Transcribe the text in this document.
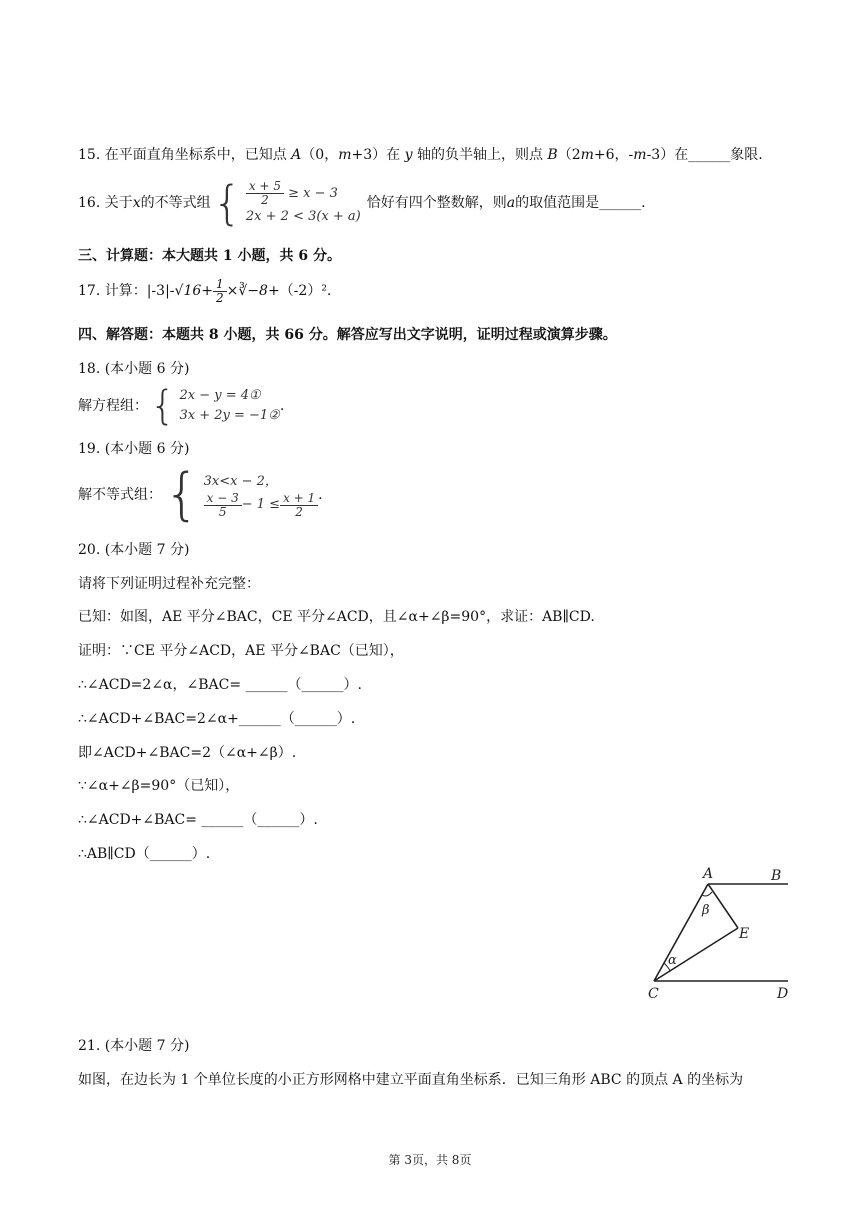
15. 在平面直角坐标系中，已知点 A（0，m+3）在 y 轴的负半轴上，则点 B（2m+6，-m-3）在______象限.
16. 关于 x 的不等式组 { $\frac{x + 5}{2} \ge x - 3$
2x + 2 < 3(x + a)
恰好有四个整数解，则 a 的取值范围是______.
三、计算题：本大题共 1 小题，共 6 分。
17. 计算：|-3|- $√16 + \frac{1}{2}$ × ∛−8 +（-2）².
四、解答题：本题共 8 小题，共 66 分。解答应写出文字说明，证明过程或演算步骤。
18. (本小题 6 分)
解方程组： { 2x − y = 4①
3x + 2y = −1②
.
19. (本小题 6 分)
解不等式组： { 3x<x − 2，
$\frac{x - 3}{5} - 1 \le \frac{x + 1}{2}$ .
20. (本小题 7 分)
请将下列证明过程补充完整：
已知：如图，AE 平分∠BAC，CE 平分∠ACD，且∠α+∠β=90°，求证：AB∥CD.
证明：∵CE 平分∠ACD，AE 平分∠BAC（已知），
∴∠ACD=2∠α，∠BAC= ______（______）.
∴∠ACD+∠BAC=2∠α+______（______）.
即∠ACD+∠BAC=2（∠α+∠β）.
∵∠α+∠β=90°（已知），
∴∠ACD+∠BAC= ______（______）.
∴AB∥CD（______）.
A	B
C	D
E
β
α
21. (本小题 7 分)
如图，在边长为 1 个单位长度的小正方形网格中建立平面直角坐标系．已知三角形 ABC 的顶点 A 的坐标为
第 3页，共 8页
